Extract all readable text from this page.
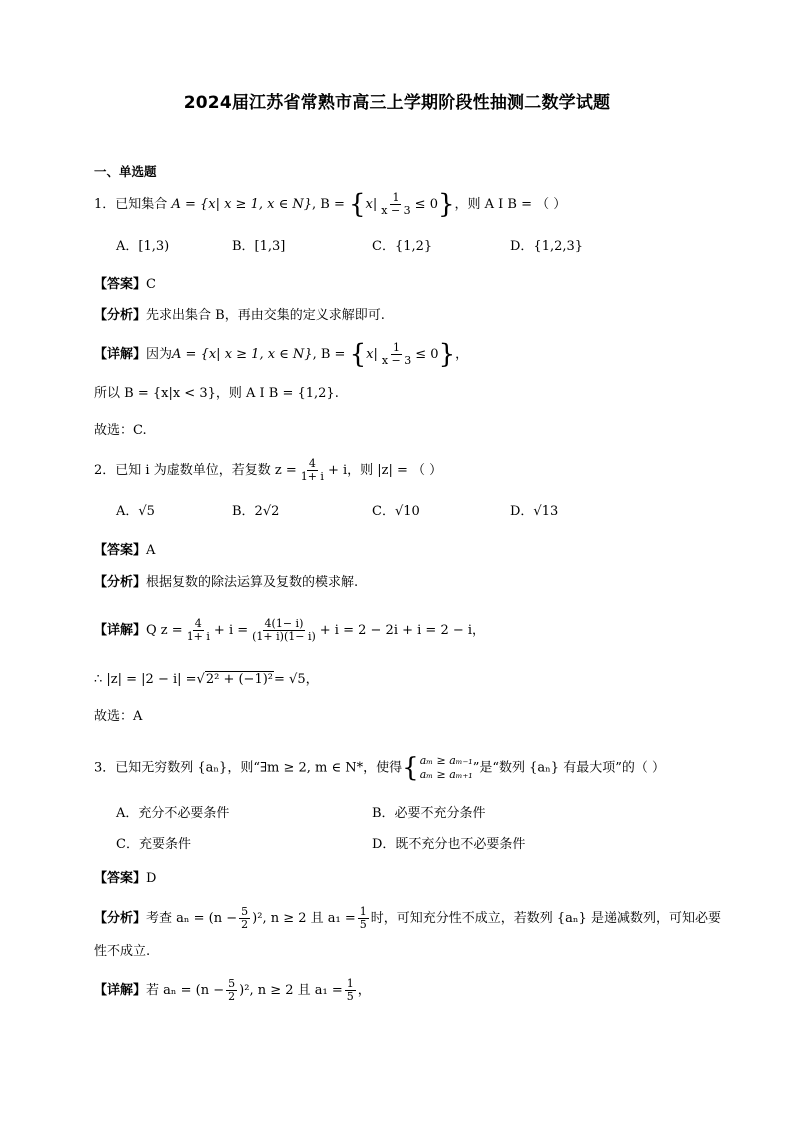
2024届江苏省常熟市高三上学期阶段性抽测二数学试题
一、单选题
1．已知集合 A = {x| x ≥ 1, x ∈ N}, $B = \{x| \frac{1}{x - 3} \le 0\}$，则 A I B = （ ）
A．[1,3)	B．[1,3]	C．{1,2}	D．{1,2,3}
【答案】C
【分析】先求出集合 B，再由交集的定义求解即可.
【详解】因为A = {x| x ≥ 1, x ∈ N}, $B = \{x| \frac{1}{x - 3} \le 0\}$，
所以 B = {x|x < 3}，则 A I B = {1,2}.
故选：C.
2．已知 i 为虚数单位，若复数 $z = \frac{4}{1+ i} + i$，则 |z| = （ ）
A．√5	B．2√2	C．√10	D．√13
【答案】A
【分析】根据复数的除法运算及复数的模求解.
【详解】Q $z = \frac{4}{1+ i} + i = \frac{4(1- i)}{(1+ i)(1- i)} + i = 2 - 2i + i = 2 - i$，
∴ |z| = |2 − i| =√2² + (−1)²= √5，
故选：A
3．已知无穷数列 {aₙ}，则“∃m ≥ 2, m ∈ N*，使得{ aₘ ≥ aₘ₋₁
aₘ ≥ aₘ₊₁ ”是“数列 {aₙ} 有最大项”的（ ）
A．充分不必要条件	B．必要不充分条件
C．充要条件	D．既不充分也不必要条件
【答案】D
【分析】考查 $a_n = (n - \frac{5}{2} )^2$, n ≥ 2 且 $a_1 = \frac{1}{5}$ 时，可知充分性不成立，若数列 {aₙ} 是递减数列，可知必要
性不成立.
【详解】若 $a_n = (n - \frac{5}{2} )^2$, n ≥ 2 且 $a_1 = \frac{1}{5}$ ，
